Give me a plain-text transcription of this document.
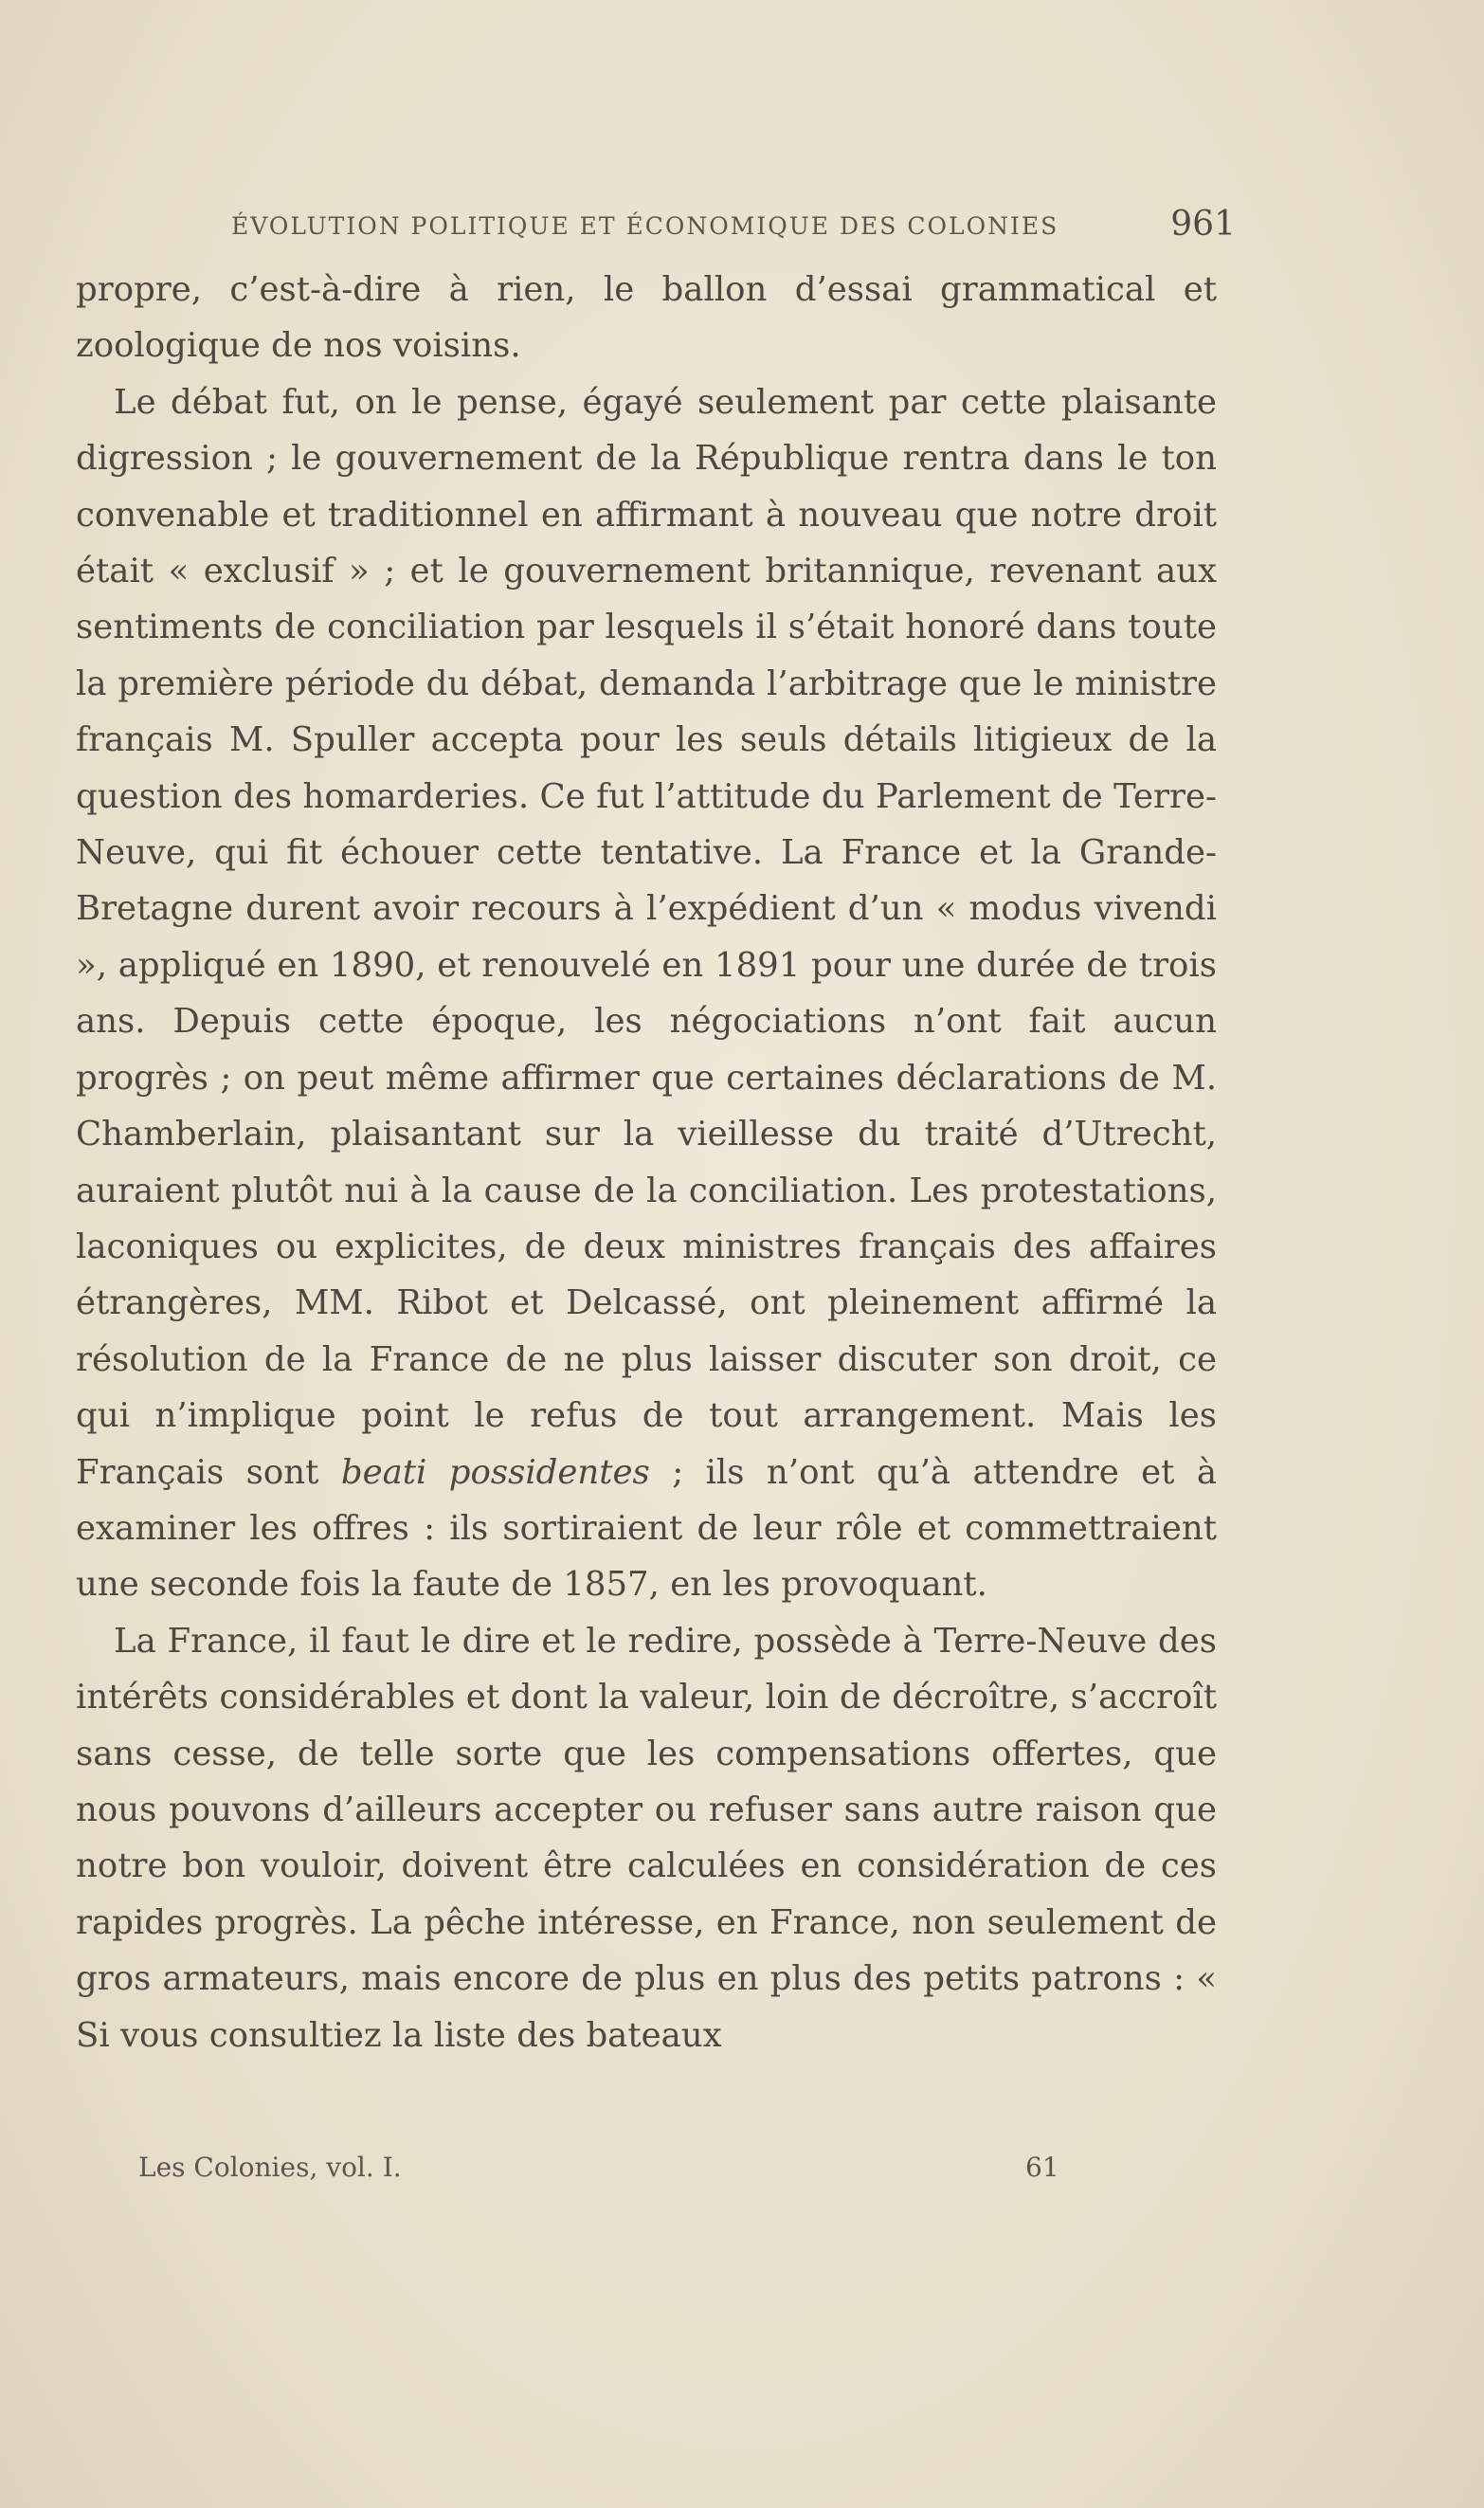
ÉVOLUTION POLITIQUE ET ÉCONOMIQUE DES COLONIES	961

propre, c’est-à-dire à rien, le ballon d’essai grammatical et zoologique de nos voisins.

Le débat fut, on le pense, égayé seulement par cette plaisante digression ; le gouvernement de la République rentra dans le ton convenable et traditionnel en affirmant à nouveau que notre droit était « exclusif » ; et le gouvernement britannique, revenant aux sentiments de conciliation par lesquels il s’était honoré dans toute la première période du débat, demanda l’arbitrage que le ministre français M. Spuller accepta pour les seuls détails litigieux de la question des homarderies. Ce fut l’attitude du Parlement de Terre-Neuve, qui fit échouer cette tentative. La France et la Grande-Bretagne durent avoir recours à l’expédient d’un « modus vivendi », appliqué en 1890, et renouvelé en 1891 pour une durée de trois ans. Depuis cette époque, les négociations n’ont fait aucun progrès ; on peut même affirmer que certaines déclarations de M. Chamberlain, plaisantant sur la vieillesse du traité d’Utrecht, auraient plutôt nui à la cause de la conciliation. Les protestations, laconiques ou explicites, de deux ministres français des affaires étrangères, MM. Ribot et Delcassé, ont pleinement affirmé la résolution de la France de ne plus laisser discuter son droit, ce qui n’implique point le refus de tout arrangement. Mais les Français sont beati possidentes ; ils n’ont qu’à attendre et à examiner les offres : ils sortiraient de leur rôle et commettraient une seconde fois la faute de 1857, en les provoquant.

La France, il faut le dire et le redire, possède à Terre-Neuve des intérêts considérables et dont la valeur, loin de décroître, s’accroît sans cesse, de telle sorte que les compensations offertes, que nous pouvons d’ailleurs accepter ou refuser sans autre raison que notre bon vouloir, doivent être calculées en considération de ces rapides progrès. La pêche intéresse, en France, non seulement de gros armateurs, mais encore de plus en plus des petits patrons : « Si vous consultiez la liste des bateaux

Les Colonies, vol. I.	61
